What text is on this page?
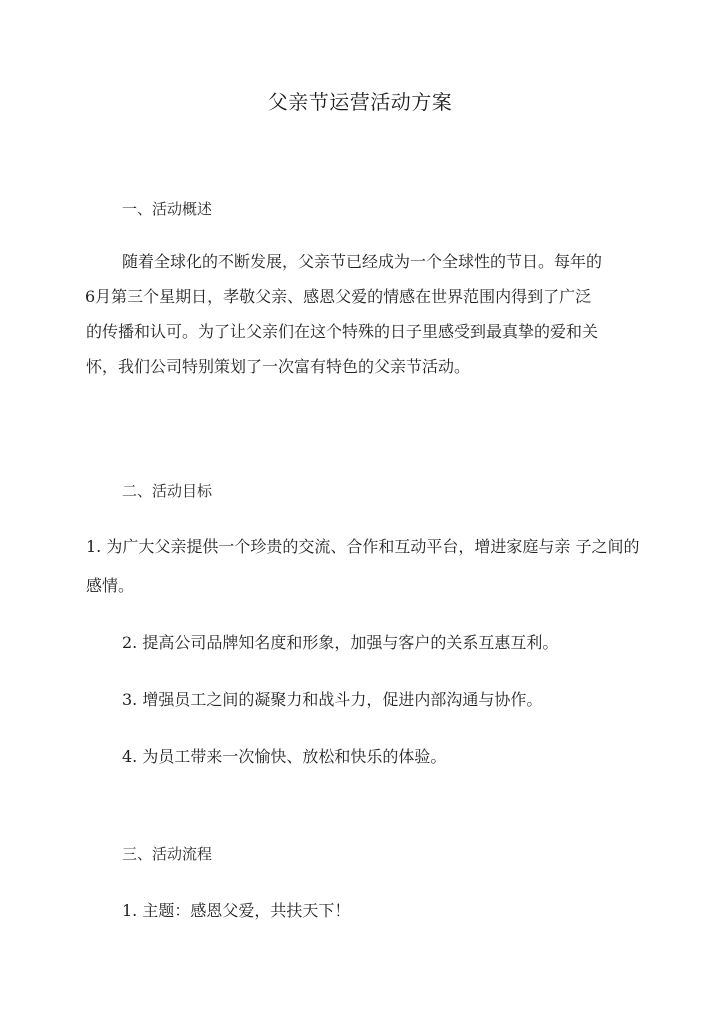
父亲节运营活动方案
一、活动概述
随着全球化的不断发展，父亲节已经成为一个全球性的节日。每年的
6月第三个星期日，孝敬父亲、感恩父爱的情感在世界范围内得到了广泛
的传播和认可。为了让父亲们在这个特殊的日子里感受到最真挚的爱和关
怀，我们公司特别策划了一次富有特色的父亲节活动。
二、活动目标
1. 为广大父亲提供一个珍贵的交流、合作和互动平台，增进家庭与亲 子之间的感情。
2. 提高公司品牌知名度和形象，加强与客户的关系互惠互利。
3. 增强员工之间的凝聚力和战斗力，促进内部沟通与协作。
4. 为员工带来一次愉快、放松和快乐的体验。
三、活动流程
1. 主题：感恩父爱，共扶天下！
